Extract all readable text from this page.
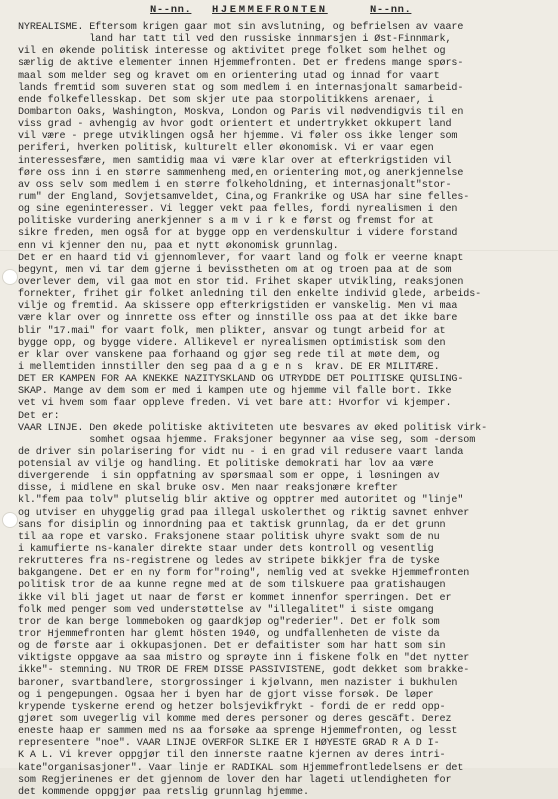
N--nn. HJEMMEFRONTEN	N--nn.
NYREALISME. Eftersom krigen gaar mot sin avslutning, og befrielsen av vaare
land har tatt til ved den russiske innmarsjen i Øst-Finnmark,
vil en økende politisk interesse og aktivitet prege folket som helhet og
særlig de aktive elementer innen Hjemmefronten. Det er fredens mange spørs-
maal som melder seg og kravet om en orientering utad og innad for vaart
lands fremtid som suveren stat og som medlem i en internasjonalt samarbeid-
ende folkefellesskap. Det som skjer ute paa storpolitikkens arenaer, i
Dombarton Oaks, Washington, Moskva, London og Paris vil nødvendigvis til en
viss grad - avhengig av hvor godt orientert et undertrykket okkupert land
vil være - prege utviklingen også her hjemme. Vi føler oss ikke lenger som
periferi, hverken politisk, kulturelt eller økonomisk. Vi er vaar egen
interessesfære, men samtidig maa vi være klar over at efterkrigstiden vil
føre oss inn i en større sammenheng med,en orientering mot,og anerkjennelse
av oss selv som medlem i en større folkeholdning, et internasjonalt"stor-
rum" der England, Sovjetsamveldet, Cina,og Frankrike og USA har sine felles-
og sine egeninteresser. Vi legger vekt paa felles, fordi nyrealismen i den
politiske vurdering anerkjenner s a m v i r k e først og fremst for at
sikre freden, men også for at bygge opp en verdenskultur i videre forstand
enn vi kjenner den nu, paa et nytt økonomisk grunnlag.
Det er en haard tid vi gjennomlever, for vaart land og folk er veerne knapt
begynt, men vi tar dem gjerne i bevisstheten om at og troen paa at de som
overlever dem, vil gaa mot en stor tid. Frihet skaper utvikling, reaksjonen
fornekter, frihet gir folket anledning til den enkelte individ glede, arbeids-
vilje og fremtid. Aa skissere opp efterkrigstiden er vanskelig. Men vi maa
være klar over og innrette oss efter og innstille oss paa at det ikke bare
blir "17.mai" for vaart folk, men plikter, ansvar og tungt arbeid for at
bygge opp, og bygge videre. Allikevel er nyrealismen optimistisk som den
er klar over vanskene paa forhaand og gjør seg rede til at møte dem, og
i mellemtiden innstiller den seg paa d a g e n s  krav. DE ER MILITÆRE.
DET ER KAMPEN FOR AA KNEKKE NAZITYSKLAND OG UTRYDDE DET POLITISKE QUISLING-
SKAP. Mange av dem som er med i kampen ute og hjemme vil falle bort. Ikke
vet vi hvem som faar oppleve freden. Vi vet bare att: Hvorfor vi kjemper.
Det er:
VAAR LINJE. Den økede politiske aktiviteten ute besvares av øked politisk virk-
somhet ogsaa hjemme. Fraksjoner begynner aa vise seg, som -dersom
de driver sin polarisering for vidt nu - i en grad vil redusere vaart landa
potensial av vilje og handling. Et politiske demokrati har lov aa være
divergerende  i sin oppfatning av spørsmaal som er oppe, i løsningen av
disse, i midlene en skal bruke osv. Men naar reaksjonære krefter
kl."fem paa tolv" plutselig blir aktive og opptrer med autoritet og "linje"
og utviser en uhyggelig grad paa illegal uskolerthet og riktig savnet enhver
sans for disiplin og innordning paa et taktisk grunnlag, da er det grunn
til aa rope et varsko. Fraksjonene staar politisk uhyre svakt som de nu
i kamufierte ns-kanaler direkte staar under dets kontroll og vesentlig
rekrutteres fra ns-registrene og ledes av stripete bikkjer fra de tyske
bakgangene. Det er en ny form for"roing", nemlig ved at svekke Hjemmefronten
politisk tror de aa kunne regne med at de som tilskuere paa gratishaugen
ikke vil bli jaget ut naar de først er kommet innenfor sperringen. Det er
folk med penger som ved understøttelse av "illegalitet" i siste omgang
tror de kan berge lommeboken og gaardkjøp og"rederier". Det er folk som
tror Hjemmefronten har glemt hösten 1940, og undfallenheten de viste da
og de første aar i okkupasjonen. Det er defaitister som har hatt som sin
viktigste oppgave aa saa mistro og sprøyte inn i fiskene folk en "det nytter
ikke"- stemning. NU TROR DE FREM DISSE PASSIVISTENE, godt dekket som brakke-
baroner, svartbandlere, storgrossinger i kjølvann, men nazister i bukhulen
og i pengepungen. Ogsaa her i byen har de gjort visse forsøk. De løper
krypende tyskerne erend og hetzer bolsjevikfrykt - fordi de er redd opp-
gjøret som uvegerlig vil komme med deres personer og deres gescäft. Derez
eneste haap er sammen med ns aa forsøke aa sprenge Hjemmefronten, og lesst
representere "noe". VAAR LINJE OVERFOR SLIKE ER I HØYESTE GRAD R A D I-
K A L. Vi krever oppgjør til den innerste raatne kjernen av deres intri-
kate"organisasjoner". Vaar linje er RADIKAL som Hjemmefrontledelsens er det
som Regjerinenes er det gjennom de lover den har lageti utlendigheten for
det kommende oppgjør paa retslig grunnlag hjemme.
